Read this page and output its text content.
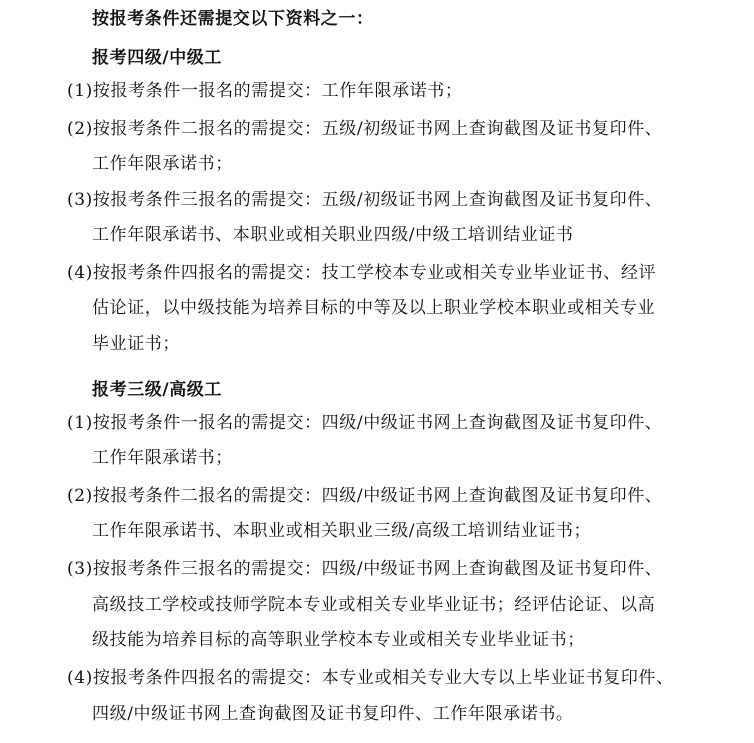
按报考条件还需提交以下资料之一：
报考四级/中级工
(1)按报考条件一报名的需提交：工作年限承诺书；
(2)按报考条件二报名的需提交：五级/初级证书网上查询截图及证书复印件、
工作年限承诺书；
(3)按报考条件三报名的需提交：五级/初级证书网上查询截图及证书复印件、
工作年限承诺书、本职业或相关职业四级/中级工培训结业证书
(4)按报考条件四报名的需提交：技工学校本专业或相关专业毕业证书、经评
估论证，以中级技能为培养目标的中等及以上职业学校本职业或相关专业
毕业证书；
报考三级/高级工
(1)按报考条件一报名的需提交：四级/中级证书网上查询截图及证书复印件、
工作年限承诺书；
(2)按报考条件二报名的需提交：四级/中级证书网上查询截图及证书复印件、
工作年限承诺书、本职业或相关职业三级/高级工培训结业证书；
(3)按报考条件三报名的需提交：四级/中级证书网上查询截图及证书复印件、
高级技工学校或技师学院本专业或相关专业毕业证书；经评估论证、以高
级技能为培养目标的高等职业学校本专业或相关专业毕业证书；
(4)按报考条件四报名的需提交：本专业或相关专业大专以上毕业证书复印件、
四级/中级证书网上查询截图及证书复印件、工作年限承诺书。
